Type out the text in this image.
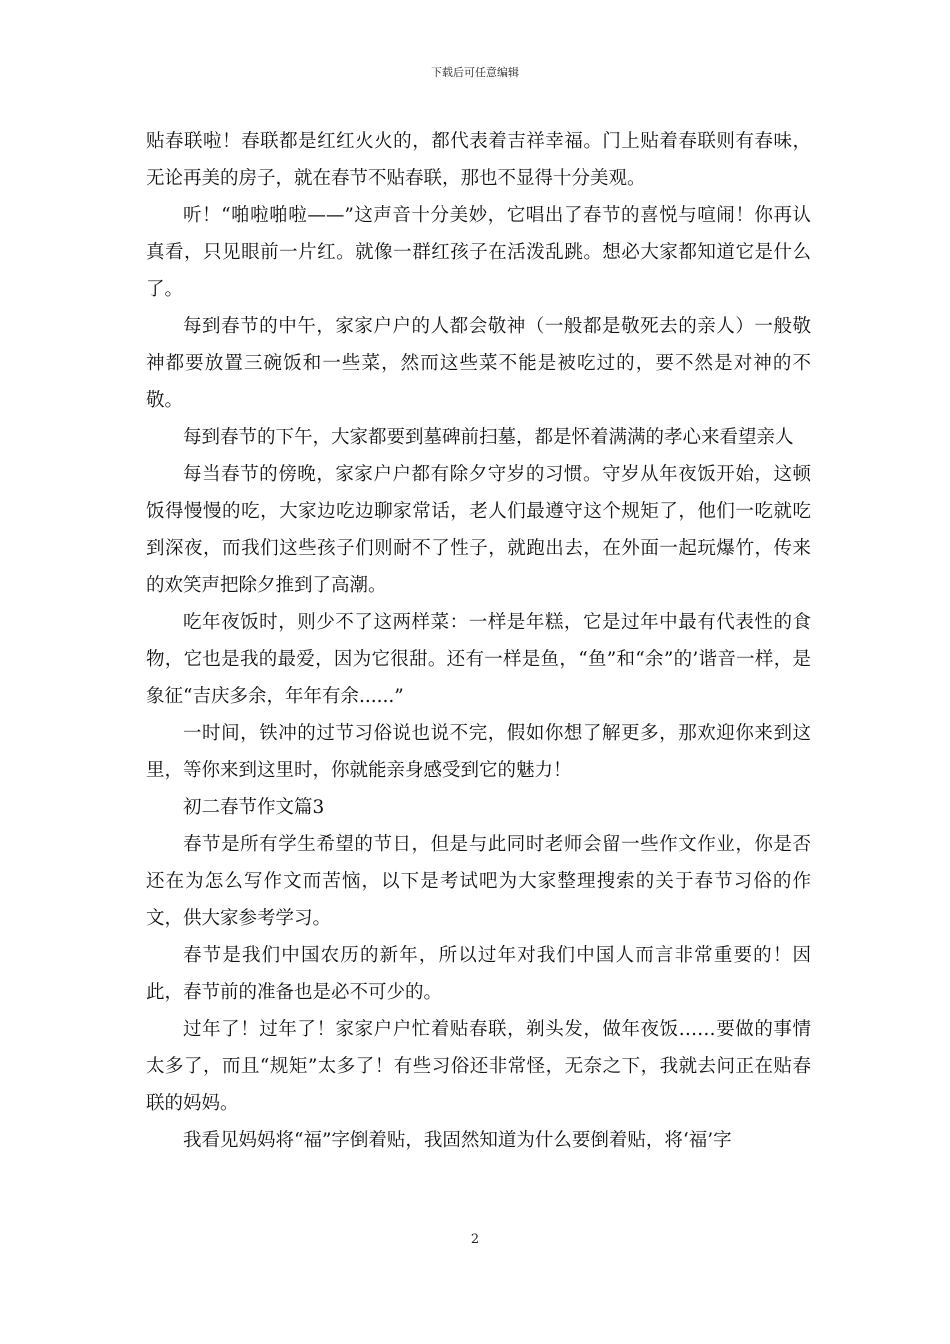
下载后可任意编辑

贴春联啦！春联都是红红火火的，都代表着吉祥幸福。门上贴着春联则有春味，无论再美的房子，就在春节不贴春联，那也不显得十分美观。

听！“啪啦啪啦——”这声音十分美妙，它唱出了春节的喜悦与喧闹！你再认真看，只见眼前一片红。就像一群红孩子在活泼乱跳。想必大家都知道它是什么了。

每到春节的中午，家家户户的人都会敬神（一般都是敬死去的亲人）一般敬神都要放置三碗饭和一些菜，然而这些菜不能是被吃过的，要不然是对神的不敬。

每到春节的下午，大家都要到墓碑前扫墓，都是怀着满满的孝心来看望亲人

每当春节的傍晚，家家户户都有除夕守岁的习惯。守岁从年夜饭开始，这顿饭得慢慢的吃，大家边吃边聊家常话，老人们最遵守这个规矩了，他们一吃就吃到深夜，而我们这些孩子们则耐不了性子，就跑出去，在外面一起玩爆竹，传来的欢笑声把除夕推到了高潮。

吃年夜饭时，则少不了这两样菜：一样是年糕，它是过年中最有代表性的食物，它也是我的最爱，因为它很甜。还有一样是鱼，“鱼”和“余”的’谐音一样，是象征“吉庆多余，年年有余......”

一时间，铁冲的过节习俗说也说不完，假如你想了解更多，那欢迎你来到这里，等你来到这里时，你就能亲身感受到它的魅力！

初二春节作文篇3

春节是所有学生希望的节日，但是与此同时老师会留一些作文作业，你是否还在为怎么写作文而苦恼，以下是考试吧为大家整理搜索的关于春节习俗的作文，供大家参考学习。

春节是我们中国农历的新年，所以过年对我们中国人而言非常重要的！因此，春节前的准备也是必不可少的。

过年了！过年了！家家户户忙着贴春联，剃头发，做年夜饭……要做的事情太多了，而且“规矩”太多了！有些习俗还非常怪，无奈之下，我就去问正在贴春联的妈妈。

我看见妈妈将“福”字倒着贴，我固然知道为什么要倒着贴，将‘福’字

2
